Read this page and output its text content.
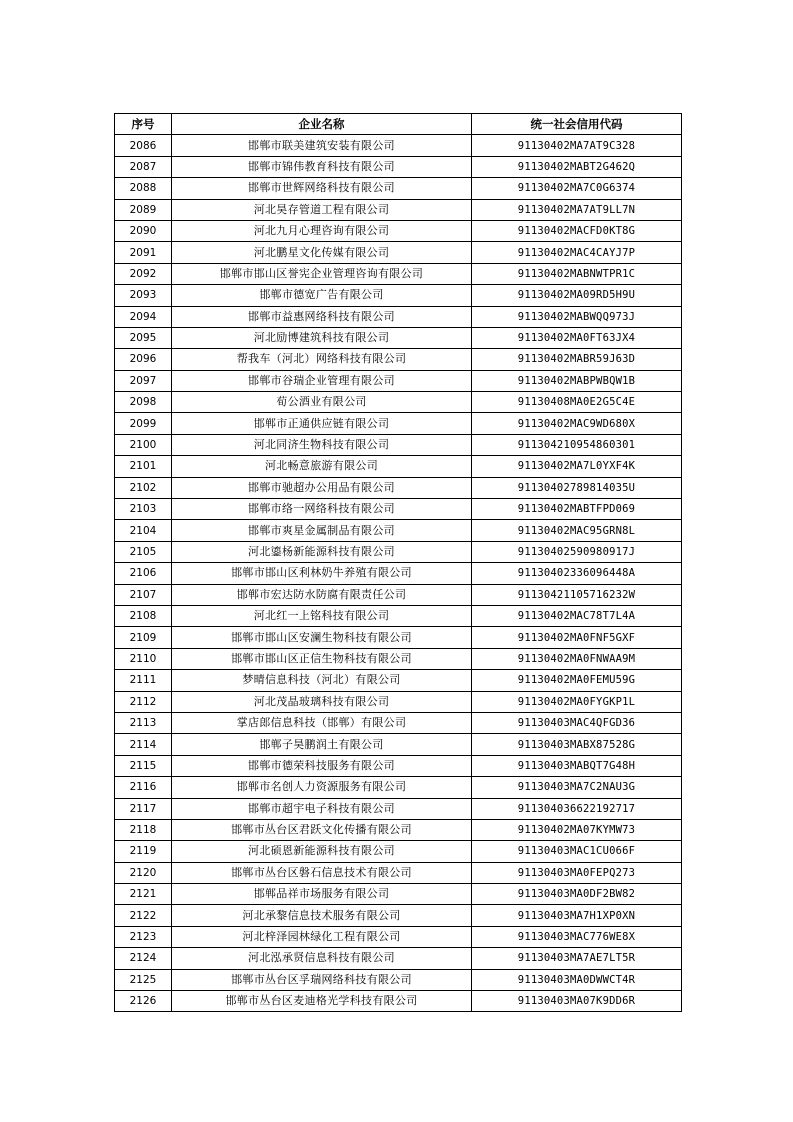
序号	企业名称	统一社会信用代码
2086	邯郸市联美建筑安装有限公司	91130402MA7AT9C328
2087	邯郸市锦伟教育科技有限公司	91130402MABT2G462Q
2088	邯郸市世辉网络科技有限公司	91130402MA7C0G6374
2089	河北昊存管道工程有限公司	91130402MA7AT9LL7N
2090	河北九月心理咨询有限公司	91130402MACFD0KT8G
2091	河北鹏星文化传媒有限公司	91130402MAC4CAYJ7P
2092	邯郸市邯山区誉宪企业管理咨询有限公司	91130402MABNWTPR1C
2093	邯郸市德宽广告有限公司	91130402MA09RD5H9U
2094	邯郸市益惠网络科技有限公司	91130402MABWQQ973J
2095	河北励博建筑科技有限公司	91130402MA0FT63JX4
2096	帮我车（河北）网络科技有限公司	91130402MABR59J63D
2097	邯郸市谷瑞企业管理有限公司	91130402MABPWBQW1B
2098	荀公酒业有限公司	91130408MA0E2G5C4E
2099	邯郸市正通供应链有限公司	91130402MAC9WD680X
2100	河北同济生物科技有限公司	911304210954860301
2101	河北畅意旅游有限公司	91130402MA7L0YXF4K
2102	邯郸市驰超办公用品有限公司	91130402789814035U
2103	邯郸市络一网络科技有限公司	91130402MABTFPD069
2104	邯郸市爽星金属制品有限公司	91130402MAC95GRN8L
2105	河北鎏杨新能源科技有限公司	91130402590980917J
2106	邯郸市邯山区利林奶牛养殖有限公司	91130402336096448A
2107	邯郸市宏达防水防腐有限责任公司	91130421105716232W
2108	河北红一上铭科技有限公司	91130402MAC78T7L4A
2109	邯郸市邯山区安澜生物科技有限公司	91130402MA0FNF5GXF
2110	邯郸市邯山区正信生物科技有限公司	91130402MA0FNWAA9M
2111	梦晴信息科技（河北）有限公司	91130402MA0FEMU59G
2112	河北茂晶玻璃科技有限公司	91130402MA0FYGKP1L
2113	掌店郎信息科技（邯郸）有限公司	91130403MAC4QFGD36
2114	邯郸子昊鹏润土有限公司	91130403MABX87528G
2115	邯郸市德荣科技服务有限公司	91130403MABQT7G48H
2116	邯郸市名创人力资源服务有限公司	91130403MA7C2NAU3G
2117	邯郸市超宇电子科技有限公司	911304036622192717
2118	邯郸市丛台区君跃文化传播有限公司	91130402MA07KYMW73
2119	河北硕恩新能源科技有限公司	91130403MAC1CU066F
2120	邯郸市丛台区磐石信息技术有限公司	91130403MA0FEPQ273
2121	邯郸品祥市场服务有限公司	91130403MA0DF2BW82
2122	河北承黎信息技术服务有限公司	91130403MA7H1XP0XN
2123	河北梓泽园林绿化工程有限公司	91130403MAC776WE8X
2124	河北泓承贤信息科技有限公司	91130403MA7AE7LT5R
2125	邯郸市丛台区孚瑞网络科技有限公司	91130403MA0DWWCT4R
2126	邯郸市丛台区麦迪格光学科技有限公司	91130403MA07K9DD6R
